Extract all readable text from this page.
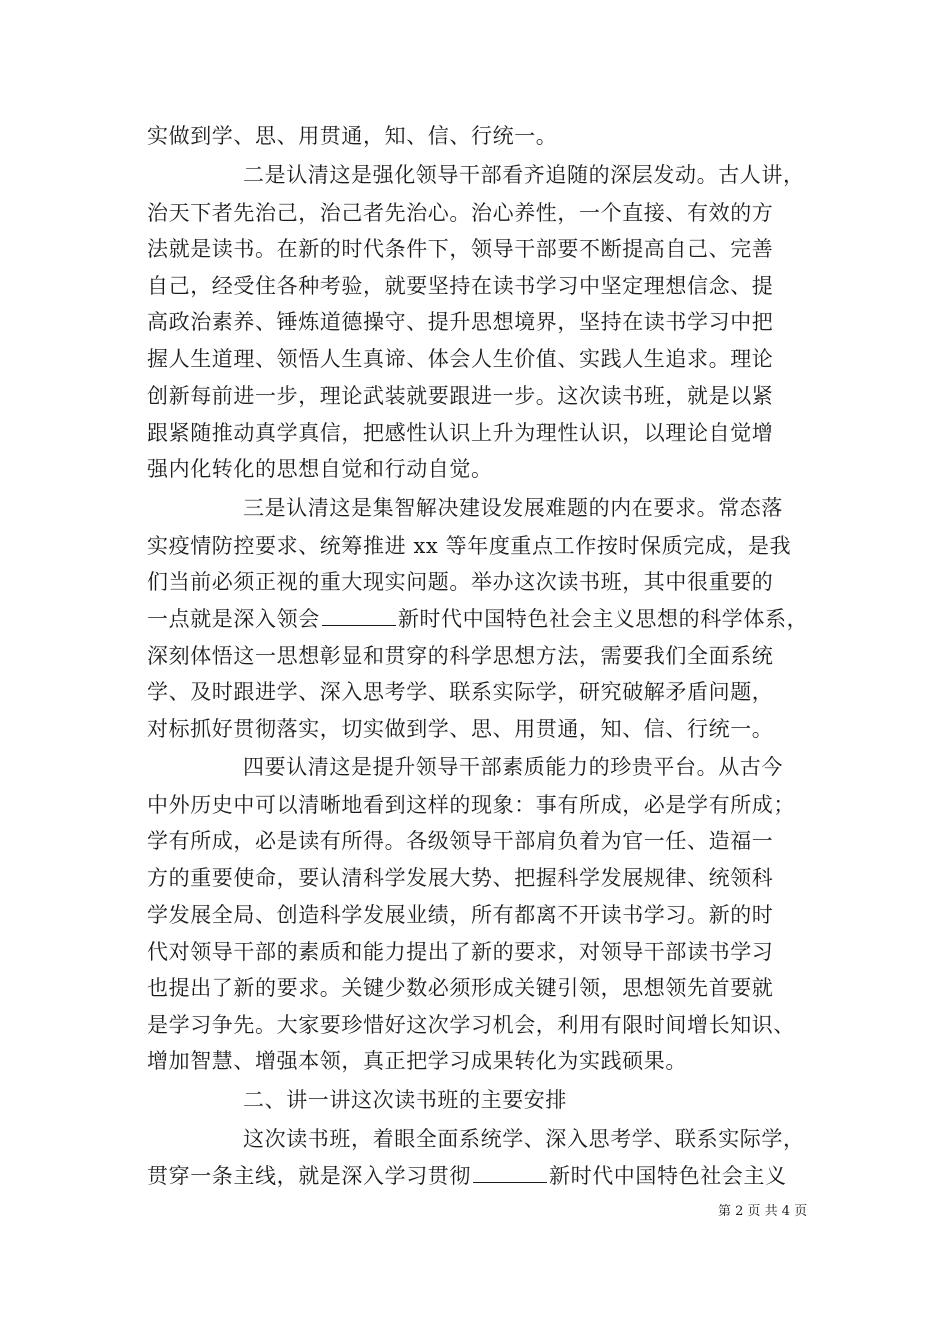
实做到学、思、用贯通，知、信、行统一。
二是认清这是强化领导干部看齐追随的深层发动。古人讲，
治天下者先治己，治己者先治心。治心养性，一个直接、有效的方
法就是读书。在新的时代条件下，领导干部要不断提高自己、完善
自己，经受住各种考验，就要坚持在读书学习中坚定理想信念、提
高政治素养、锤炼道德操守、提升思想境界，坚持在读书学习中把
握人生道理、领悟人生真谛、体会人生价值、实践人生追求。理论
创新每前进一步，理论武装就要跟进一步。这次读书班，就是以紧
跟紧随推动真学真信，把感性认识上升为理性认识，以理论自觉增
强内化转化的思想自觉和行动自觉。
三是认清这是集智解决建设发展难题的内在要求。常态落
实疫情防控要求、统筹推进 xx 等年度重点工作按时保质完成，是我
们当前必须正视的重大现实问题。举办这次读书班，其中很重要的
一点就是深入领会	新时代中国特色社会主义思想的科学体系，
深刻体悟这一思想彰显和贯穿的科学思想方法，需要我们全面系统
学、及时跟进学、深入思考学、联系实际学，研究破解矛盾问题，
对标抓好贯彻落实，切实做到学、思、用贯通，知、信、行统一。
四要认清这是提升领导干部素质能力的珍贵平台。从古今
中外历史中可以清晰地看到这样的现象：事有所成，必是学有所成；
学有所成，必是读有所得。各级领导干部肩负着为官一任、造福一
方的重要使命，要认清科学发展大势、把握科学发展规律、统领科
学发展全局、创造科学发展业绩，所有都离不开读书学习。新的时
代对领导干部的素质和能力提出了新的要求，对领导干部读书学习
也提出了新的要求。关键少数必须形成关键引领，思想领先首要就
是学习争先。大家要珍惜好这次学习机会，利用有限时间增长知识、
增加智慧、增强本领，真正把学习成果转化为实践硕果。
二、讲一讲这次读书班的主要安排
这次读书班，着眼全面系统学、深入思考学、联系实际学，
贯穿一条主线，就是深入学习贯彻	新时代中国特色社会主义
第 2 页 共 4 页
